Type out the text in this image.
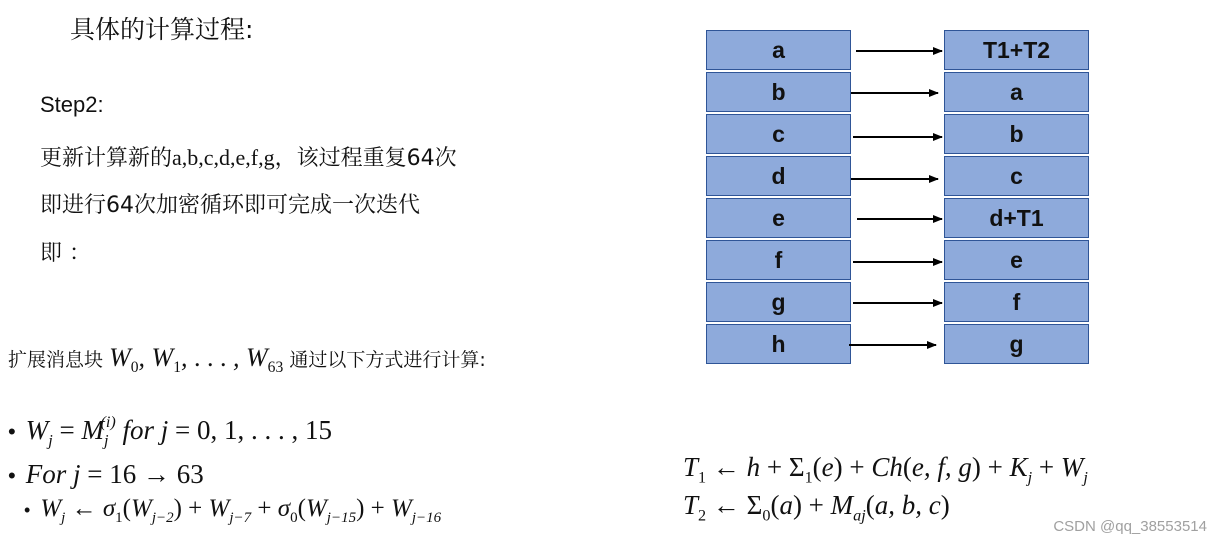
具体的计算过程:
Step2:
更新计算新的a,b,c,d,e,f,g，该过程重复64次
即进行64次加密循环即可完成一次迭代
即 ：
扩展消息块 $W_0$, $W_1$, . . . , $W_{63}$ 通过以下方式进行计算:
• $W_j = M_j^{(i)}$ for j = 0, 1, . . . , 15
• For j = 16 → 63
• $W_j$ ← $\sigma_1(W_{j-2}) + W_{j-7} + \sigma_0(W_{j-15}) + W_{j-16}$
$T_1$ ← $h + \Sigma_1(e) + Ch(e$, f, $g) + K_j + W_j$
$T_2$ ← $\Sigma_0(a) + M_{aj}(a$, b, c)
a
b
c
d
e
f
g
h
T1+T2
a
b
c
d+T1
e
f
g
CSDN @qq_38553514
